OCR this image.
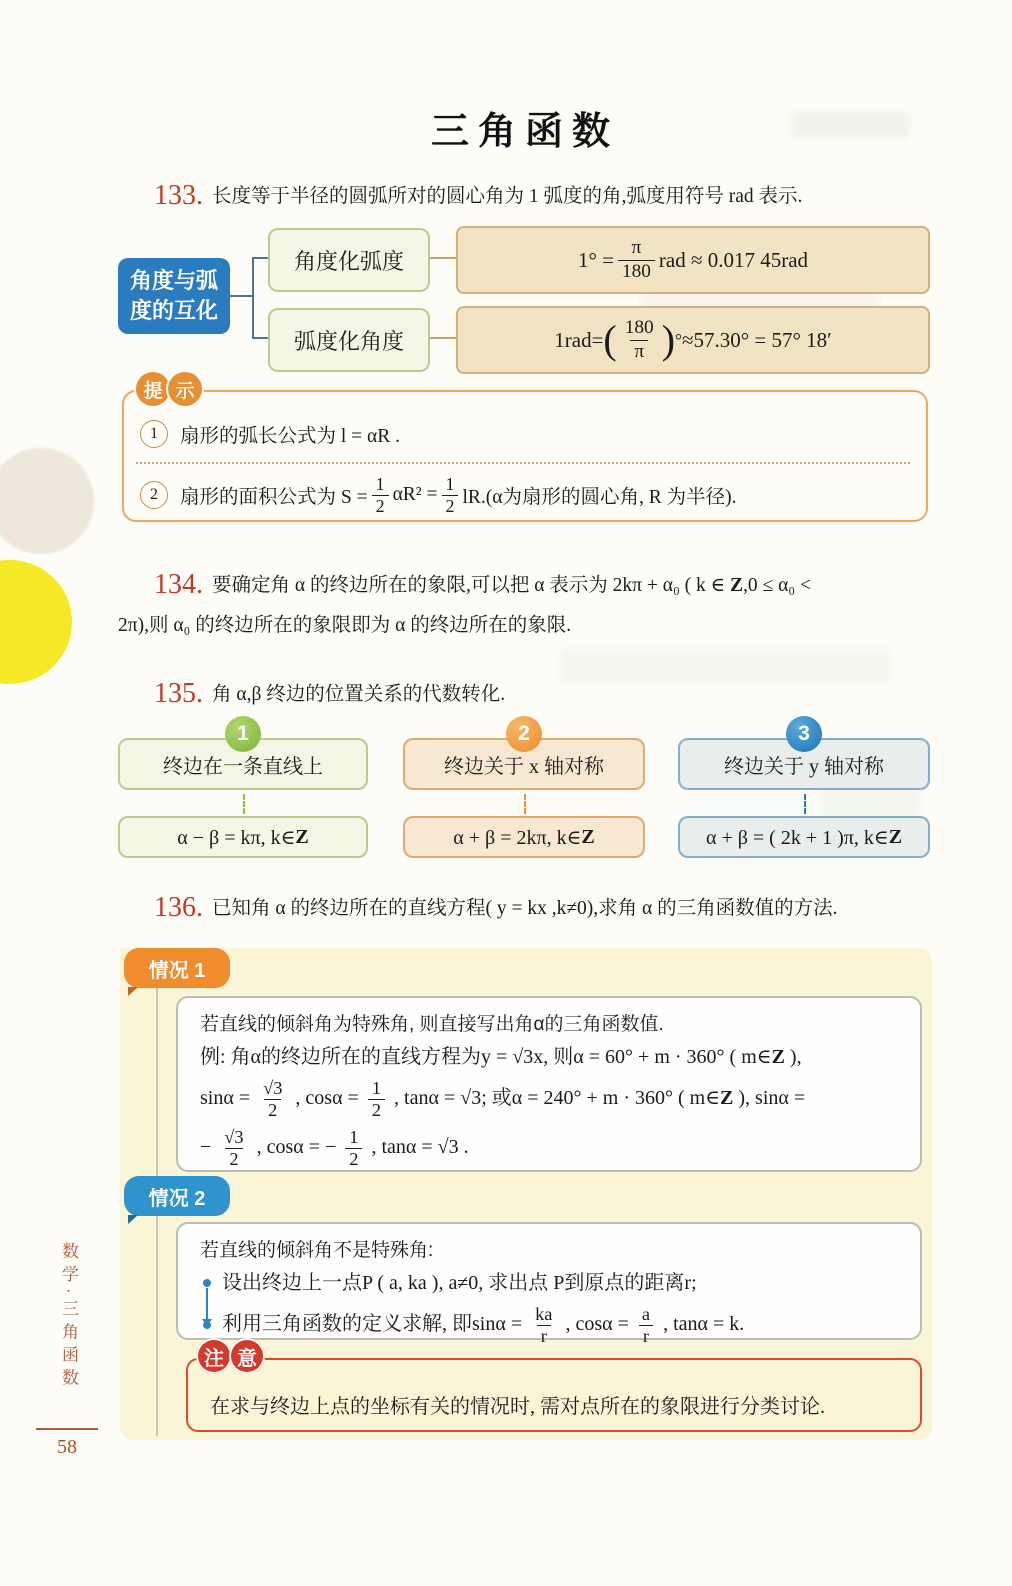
三角函数
133. 长度等于半径的圆弧所对的圆心角为 1 弧度的角,弧度用符号 rad 表示.
角度与弧
度的互化
角度化弧度
弧度化角度
$1^\circ = \frac{\pi}{180}$ rad ≈ 0.017 45rad
1rad= ( $\frac{180}{\pi}$ ) ° ≈57.30° = 57° 18′
提 示
1	扇形的弧长公式为 l = αR .
2	扇形的面积公式为 $S = \frac{1}{2} \alpha R^2 = \frac{1}{2} lR.(\alpha$为扇形的圆心角, R 为半径).
134. 要确定角 α 的终边所在的象限,可以把 α 表示为 2kπ + α₀ ( k ∈ Z,0 ≤ α₀ <
2π),则 α₀ 的终边所在的象限即为 α 的终边所在的象限.
135. 角 α,β 终边的位置关系的代数转化.
1
终边在一条直线上
α − β = kπ, k∈ Z
2
终边关于 x 轴对称
α + β = 2kπ, k∈ Z
3
终边关于 y 轴对称
α + β = ( 2k + 1 )π, k∈ Z
136. 已知角 α 的终边所在的直线方程( y = kx ,k≠0),求角 α 的三角函数值的方法.
情况 1
若直线的倾斜角为特殊角, 则直接写出角α的三角函数值.
例: 角α的终边所在的直线方程为y = √3x, 则α = 60° + m · 360° ( m∈Z ),
$\sin\alpha = \frac{√3}{2}$ , $\cos\alpha = \frac{1}{2}$ , tanα = √3; 或α = 240° + m · 360° ( m∈Z ), sinα =
− $\frac{√3}{2}$ , cosα = − $\frac{1}{2}$ , tanα = √3 .
情况 2
若直线的倾斜角不是特殊角:
设出终边上一点P ( a, ka ), a≠0, 求出点 P到原点的距离r;
利用三角函数的定义求解, 即$\sin\alpha = \frac{ka}{r}$ , $\cos\alpha = \frac{a}{r}$ , tanα = k.
注 意
在求与终边上点的坐标有关的情况时, 需对点所在的象限进行分类讨论.
数学·三角函数
58
